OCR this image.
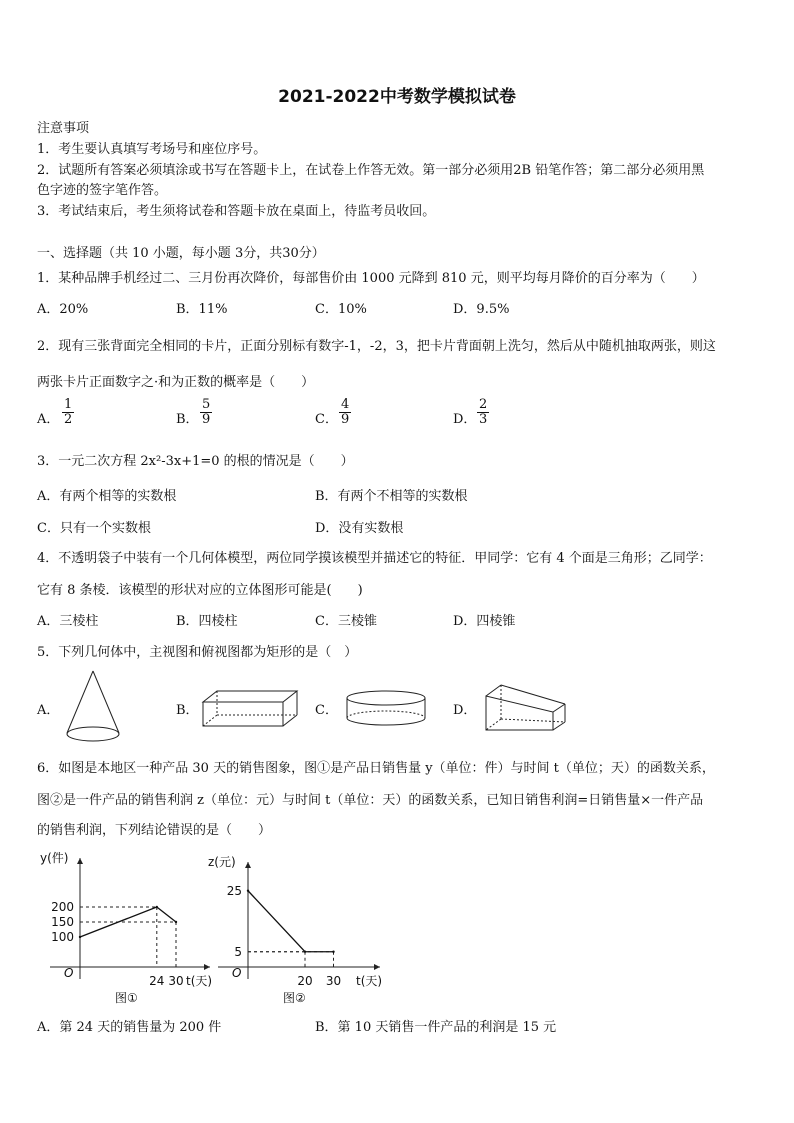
2021-2022中考数学模拟试卷
注意事项
1．考生要认真填写考场号和座位序号。
2．试题所有答案必须填涂或书写在答题卡上，在试卷上作答无效。第一部分必须用2B 铅笔作答；第二部分必须用黑
色字迹的签字笔作答。
3．考试结束后，考生须将试卷和答题卡放在桌面上，待监考员收回。
一、选择题（共 10 小题，每小题 3分，共30分）
1．某种品牌手机经过二、三月份再次降价，每部售价由 1000 元降到 810 元，则平均每月降价的百分率为（　　）
A．20%	B．11%	C．10%	D．9.5%
2．现有三张背面完全相同的卡片，正面分别标有数字-1，-2，3，把卡片背面朝上洗匀，然后从中随机抽取两张，则这
两张卡片正面数字之·和为正数的概率是（　　）
A． $\frac{1}{2}$	B． $\frac{5}{9}$	C． $\frac{4}{9}$	D． $\frac{2}{3}$
3．一元二次方程 2x²-3x+1=0 的根的情况是（　　）
A．有两个相等的实数根	B．有两个不相等的实数根
C．只有一个实数根	D．没有实数根
4．不透明袋子中装有一个几何体模型，两位同学摸该模型并描述它的特征．甲同学：它有 4 个面是三角形；乙同学：
它有 8 条棱．该模型的形状对应的立体图形可能是(　　)
A．三棱柱	B．四棱柱	C．三棱锥	D．四棱锥
5．下列几何体中，主视图和俯视图都为矩形的是（　）
A．	B．	C．	D．
6．如图是本地区一种产品 30 天的销售图象，图①是产品日销售量 y（单位：件）与时间 t（单位；天）的函数关系，
图②是一件产品的销售利润 z（单位：元）与时间 t（单位：天）的函数关系，已知日销售利润=日销售量×一件产品
的销售利润，下列结论错误的是（　　）
y(件)
t(天)
O
图①
24 30
200
150
100
z(元)
t(天)
O
图②
20 30
25
5
A．第 24 天的销售量为 200 件	B．第 10 天销售一件产品的利润是 15 元
